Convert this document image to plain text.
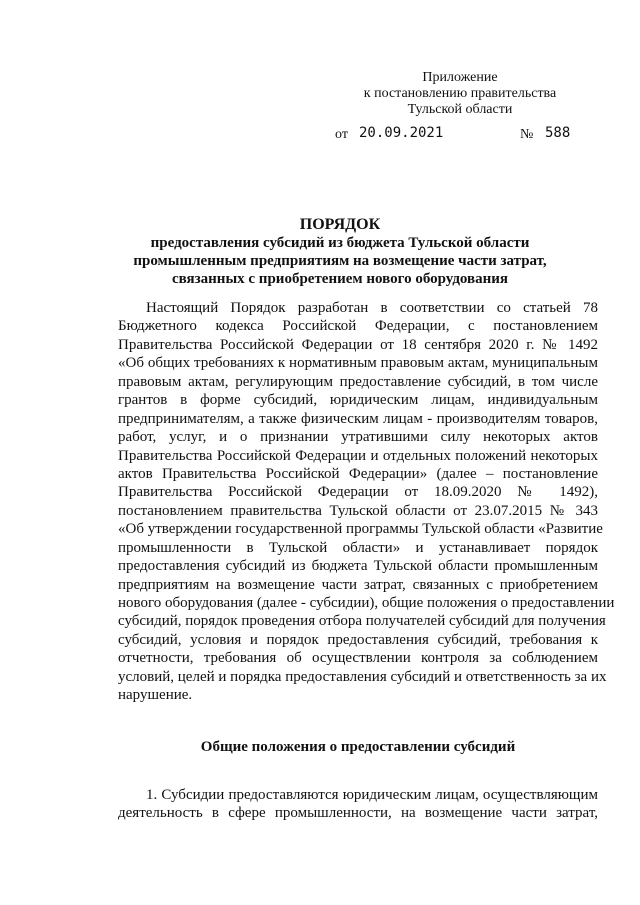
Приложение
к постановлению правительства
Тульской области
от 20.09.2021	№ 588
ПОРЯДОК
предоставления субсидий из бюджета Тульской области
промышленным предприятиям на возмещение части затрат,
связанных с приобретением нового оборудования
Настоящий Порядок разработан в соответствии со статьей 78
Бюджетного кодекса Российской Федерации, с постановлением
Правительства Российской Федерации от 18 сентября 2020 г. № 1492
«Об общих требованиях к нормативным правовым актам, муниципальным
правовым актам, регулирующим предоставление субсидий, в том числе
грантов в форме субсидий, юридическим лицам, индивидуальным
предпринимателям, а также физическим лицам - производителям товаров,
работ, услуг, и о признании утратившими силу некоторых актов
Правительства Российской Федерации и отдельных положений некоторых
актов Правительства Российской Федерации» (далее – постановление
Правительства Российской Федерации от 18.09.2020 № 1492),
постановлением правительства Тульской области от 23.07.2015 № 343
«Об утверждении государственной программы Тульской области «Развитие
промышленности в Тульской области» и устанавливает порядок
предоставления субсидий из бюджета Тульской области промышленным
предприятиям на возмещение части затрат, связанных с приобретением
нового оборудования (далее - субсидии), общие положения о предоставлении
субсидий, порядок проведения отбора получателей субсидий для получения
субсидий, условия и порядок предоставления субсидий, требования к
отчетности, требования об осуществлении контроля за соблюдением
условий, целей и порядка предоставления субсидий и ответственность за их
нарушение.
Общие положения о предоставлении субсидий
1. Субсидии предоставляются юридическим лицам, осуществляющим
деятельность в сфере промышленности, на возмещение части затрат,
